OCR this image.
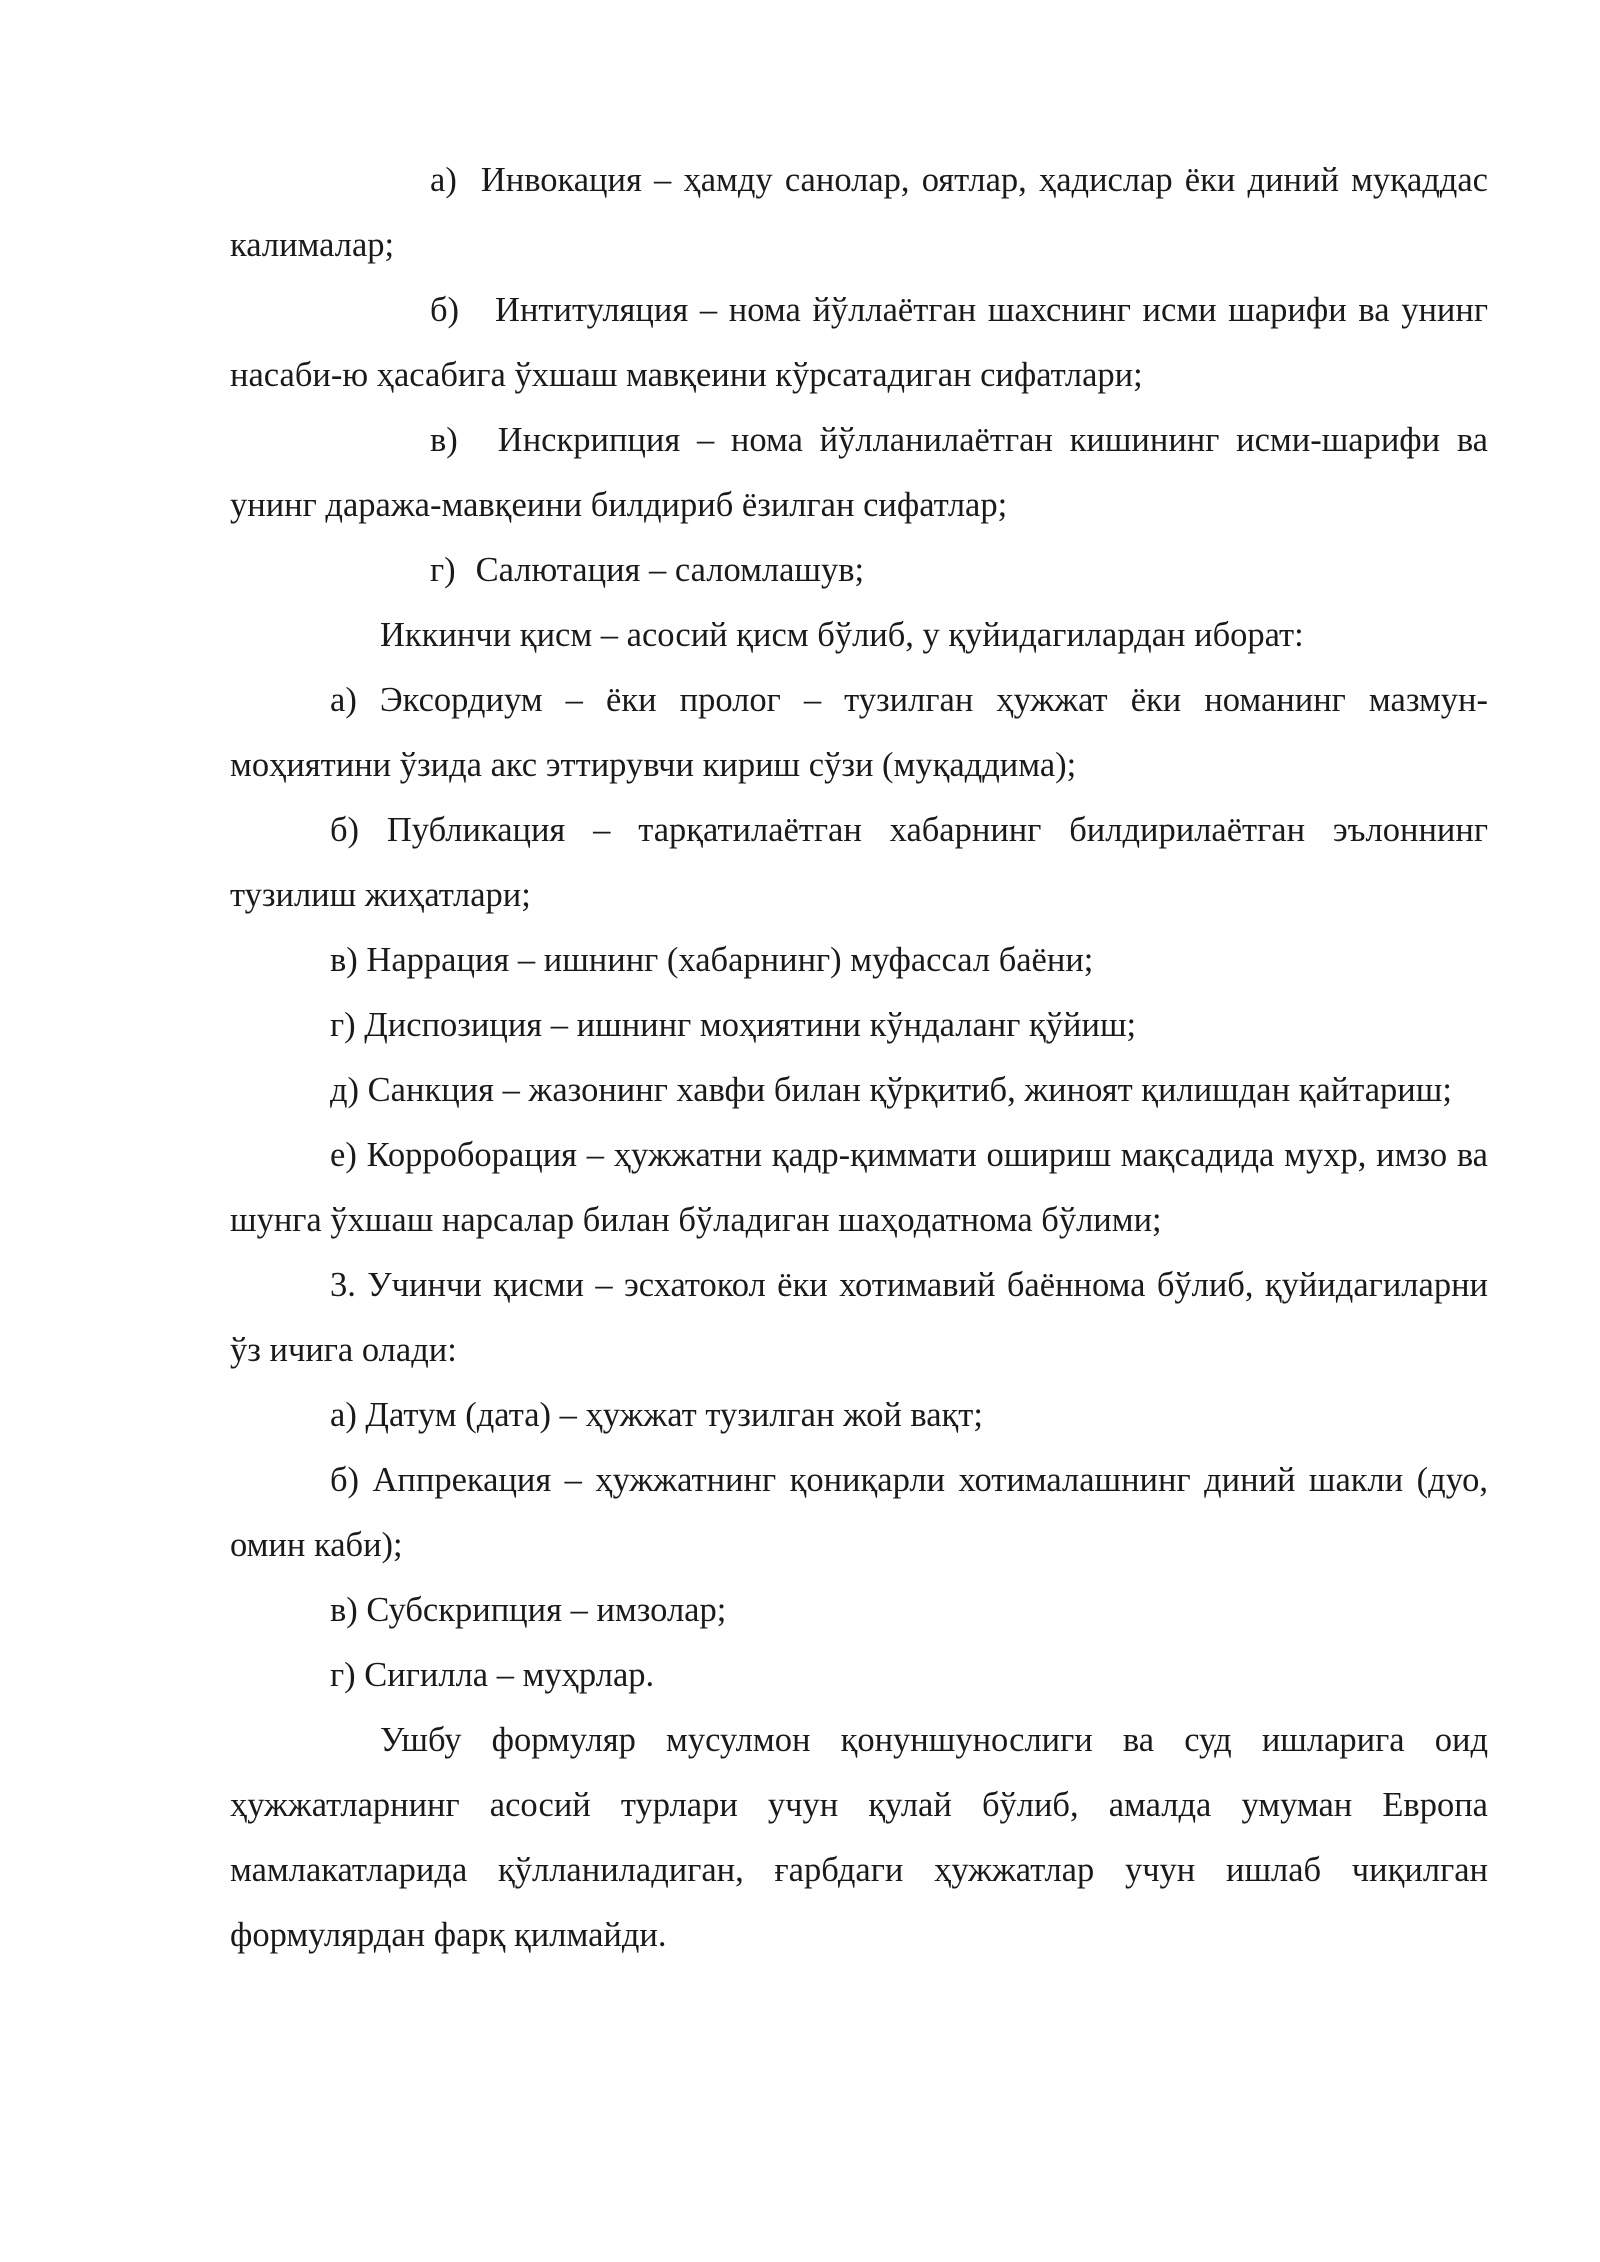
а) Инвокация – ҳамду санолар, оятлар, ҳадислар ёки диний муқаддас калималар;

б) Интитуляция – нома йўллаётган шахснинг исми шарифи ва унинг насаби-ю ҳасабига ўхшаш мавқеини кўрсатадиган сифатлари;

в) Инскрипция – нома йўлланилаётган кишининг исми-шарифи ва унинг даража-мавқеини билдириб ёзилган сифатлар;

г) Салютация – саломлашув;

Иккинчи қисм – асосий қисм бўлиб, у қуйидагилардан иборат:

а) Эксордиум – ёки пролог – тузилган ҳужжат ёки номанинг мазмун-моҳиятини ўзида акс эттирувчи кириш сўзи (муқаддима);

б) Публикация – тарқатилаётган хабарнинг билдирилаётган эълоннинг тузилиш жиҳатлари;

в) Наррация – ишнинг (хабарнинг) муфассал баёни;

г) Диспозиция – ишнинг моҳиятини кўндаланг қўйиш;

д) Санкция – жазонинг хавфи билан қўрқитиб, жиноят қилишдан қайтариш;

е) Корроборация – ҳужжатни қадр-қиммати ошириш мақсадида мухр, имзо ва шунга ўхшаш нарсалар билан бўладиган шаҳодатнома бўлими;

3. Учинчи қисми – эсхатокол ёки хотимавий баённома бўлиб, қуйидагиларни ўз ичига олади:

а) Датум (дата) – ҳужжат тузилган жой вақт;

б) Аппрекация – ҳужжатнинг қониқарли хотималашнинг диний шакли (дуо, омин каби);

в) Субскрипция – имзолар;

г) Сигилла – муҳрлар.

Ушбу формуляр мусулмон қонуншунослиги ва суд ишларига оид ҳужжатларнинг асосий турлари учун қулай бўлиб, амалда умуман Европа мамлакатларида қўлланиладиган, ғарбдаги ҳужжатлар учун ишлаб чиқилган формулярдан фарқ қилмайди.
